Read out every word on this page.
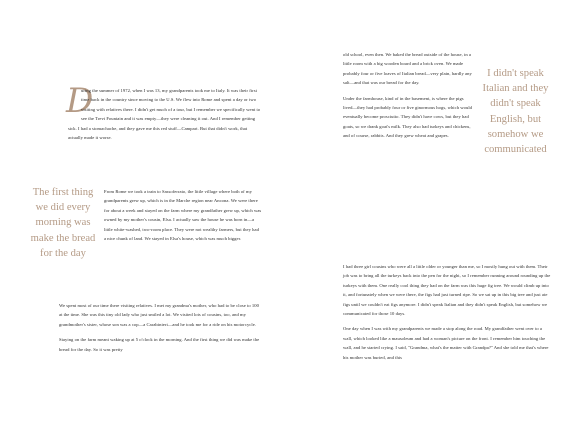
D
uring the summer of 1972, when I was 13, my grandparents took me to Italy. It was their first time back in the country since moving to the U.S. We flew into Rome and spent a day or two visiting with relatives there. I didn't get much of a tour, but I remember we specifically went to see the Trevi Fountain and it was empty—they were cleaning it out. And I remember getting sick. I had a stomachache, and they gave me this red stuff—Campari. But that didn't work, that actually made it worse.

The first thing we did every morning was make the bread for the day

From Rome we took a train to Sassoferrato, the little village where both of my grandparents grew up, which is in the Marche region near Ancona. We were there for about a week and stayed on the farm where my grandfather grew up, which was owned by my mother's cousin, Elsa. I actually saw the house he was born in—a little white-washed, two-room place. They were not wealthy farmers, but they had a nice chunk of land. We stayed in Elsa's house, which was much bigger.

We spent most of our time there visiting relatives. I met my grandma's mother, who had to be close to 100 at the time. She was this tiny old lady who just smiled a lot. We visited lots of cousins, too, and my grandmother's sister, whose son was a cop—a Carabinieri—and he took me for a ride on his motorcycle.

Staying on the farm meant waking up at 5 o'clock in the morning. And the first thing we did was make the bread for the day. So it was pretty

old school, even then. We baked the bread outside of the house, in a little room with a big wooden board and a brick oven. We made probably four or five loaves of Italian bread—very plain, hardly any salt—and that was our bread for the day.

Under the farmhouse, kind of in the basement, is where the pigs lived—they had probably four or five ginormous hogs, which would eventually become prosciutto. They didn't have cows, but they had goats, so we drank goat's milk. They also had turkeys and chickens, and of course, rabbits. And they grew wheat and grapes.

I didn't speak Italian and they didn't speak English, but somehow we communicated

I had three girl cousins who were all a little older or younger than me, so I mostly hung out with them. Their job was to bring all the turkeys back into the pen for the night, so I remember running around rounding up the turkeys with them. One really cool thing they had on the farm was this huge fig tree. We would climb up into it, and fortunately when we were there, the figs had just turned ripe. So we sat up in this big tree and just ate figs until we couldn't eat figs anymore. I didn't speak Italian and they didn't speak English, but somehow we communicated for those 10 days.

One day when I was with my grandparents we made a stop along the road. My grandfather went over to a wall, which looked like a mausoleum and had a woman's picture on the front. I remember him touching the wall, and he started crying. I said, "Grandma, what's the matter with Grandpa?" And she told me that's where his mother was buried, and this
